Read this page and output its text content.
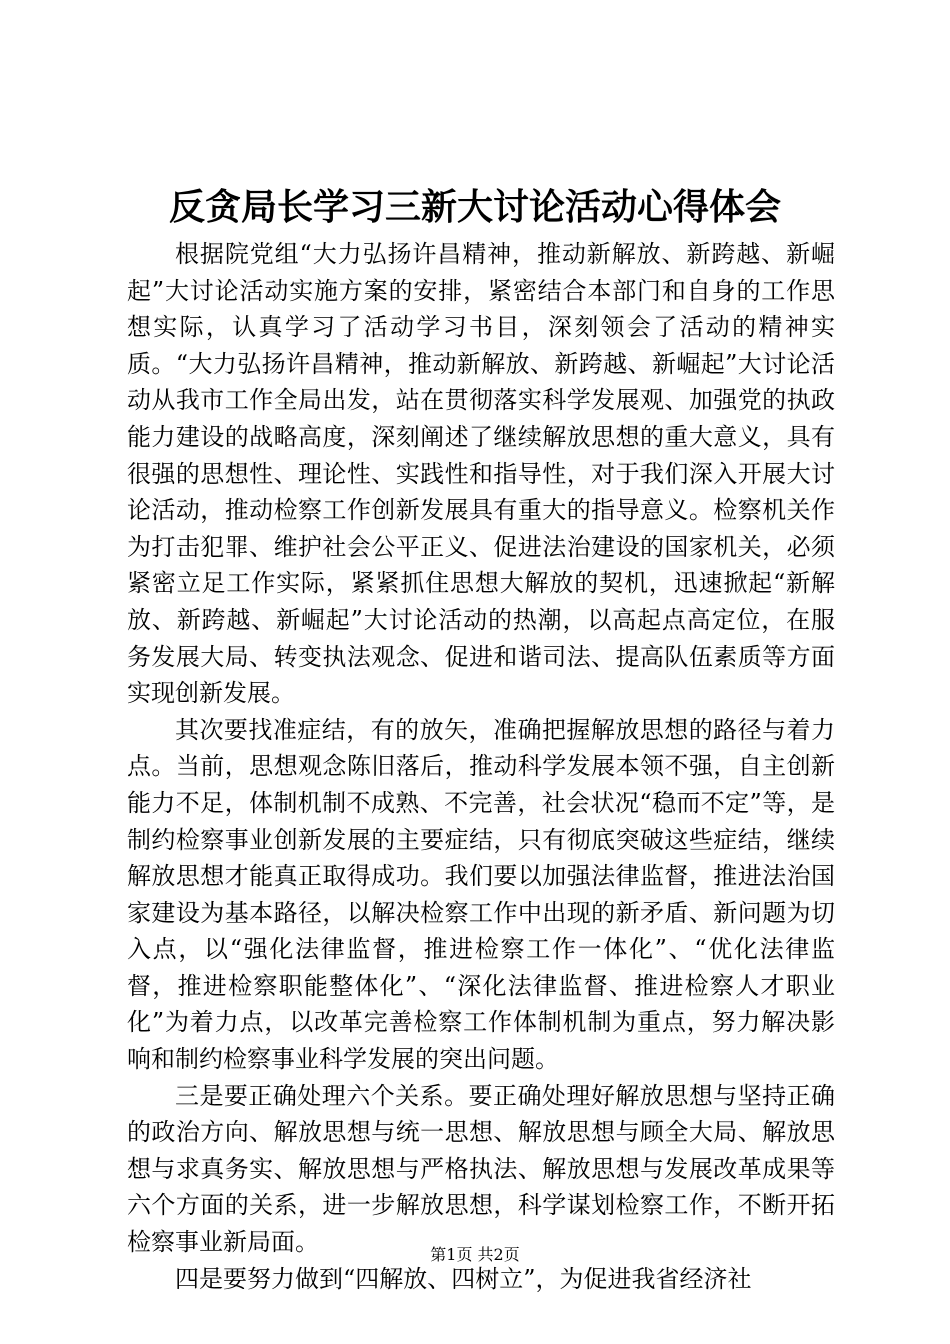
反贪局长学习三新大讨论活动心得体会

根据院党组“大力弘扬许昌精神，推动新解放、新跨越、新崛起”大讨论活动实施方案的安排，紧密结合本部门和自身的工作思想实际，认真学习了活动学习书目，深刻领会了活动的精神实质。“大力弘扬许昌精神，推动新解放、新跨越、新崛起”大讨论活动从我市工作全局出发，站在贯彻落实科学发展观、加强党的执政能力建设的战略高度，深刻阐述了继续解放思想的重大意义，具有很强的思想性、理论性、实践性和指导性，对于我们深入开展大讨论活动，推动检察工作创新发展具有重大的指导意义。检察机关作为打击犯罪、维护社会公平正义、促进法治建设的国家机关，必须紧密立足工作实际，紧紧抓住思想大解放的契机，迅速掀起“新解放、新跨越、新崛起”大讨论活动的热潮，以高起点高定位，在服务发展大局、转变执法观念、促进和谐司法、提高队伍素质等方面实现创新发展。

其次要找准症结，有的放矢，准确把握解放思想的路径与着力点。当前，思想观念陈旧落后，推动科学发展本领不强，自主创新能力不足，体制机制不成熟、不完善，社会状况“稳而不定”等，是制约检察事业创新发展的主要症结，只有彻底突破这些症结，继续解放思想才能真正取得成功。我们要以加强法律监督，推进法治国家建设为基本路径，以解决检察工作中出现的新矛盾、新问题为切入点，以“强化法律监督，推进检察工作一体化”、“优化法律监督，推进检察职能整体化”、“深化法律监督、推进检察人才职业化”为着力点，以改革完善检察工作体制机制为重点，努力解决影响和制约检察事业科学发展的突出问题。

三是要正确处理六个关系。要正确处理好解放思想与坚持正确的政治方向、解放思想与统一思想、解放思想与顾全大局、解放思想与求真务实、解放思想与严格执法、解放思想与发展改革成果等六个方面的关系，进一步解放思想，科学谋划检察工作，不断开拓检察事业新局面。

四是要努力做到“四解放、四树立”，为促进我省经济社

第1页 共2页
